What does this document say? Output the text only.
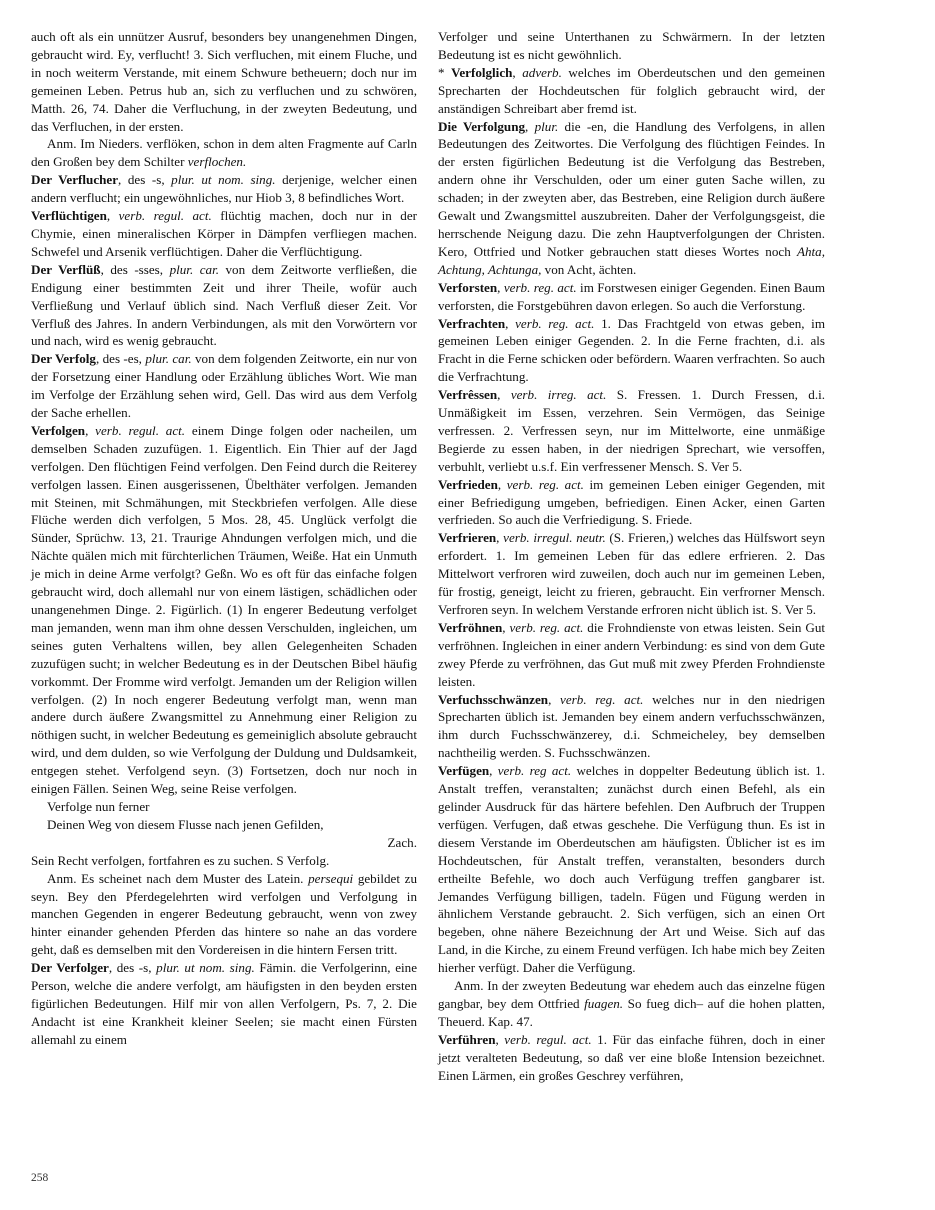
auch oft als ein unnützer Ausruf, besonders bey unangenehmen Dingen, gebraucht wird. Ey, verflucht! 3. Sich verfluchen, mit einem Fluche, und in noch weiterm Verstande, mit einem Schwure betheuern; doch nur im gemeinen Leben. Petrus hub an, sich zu verfluchen und zu schwören, Matth. 26, 74. Daher die Verfluchung, in der zweyten Bedeutung, und das Verfluchen, in der ersten.

Anm. Im Nieders. verflöken, schon in dem alten Fragmente auf Carln den Großen bey dem Schilter verflochen.

Der Verflucher, des -s, plur. ut nom. sing. derjenige, welcher einen andern verflucht; ein ungewöhnliches, nur Hiob 3, 8 befindliches Wort.

Verflüchtigen, verb. regul. act. flüchtig machen, doch nur in der Chymie, einen mineralischen Körper in Dämpfen verfliegen machen. Schwefel und Arsenik verflüchtigen. Daher die Verflüchtigung.

Der Verflüß, des -sses, plur. car. von dem Zeitworte verfließen, die Endigung einer bestimmten Zeit und ihrer Theile, wofür auch Verfließung und Verlauf üblich sind. Nach Verfluß dieser Zeit. Vor Verfluß des Jahres. In andern Verbindungen, als mit den Vorwörtern vor und nach, wird es wenig gebraucht.

Der Verfolg, des -es, plur. car. von dem folgenden Zeitworte, ein nur von der Forsetzung einer Handlung oder Erzählung übliches Wort. Wie man im Verfolge der Erzählung sehen wird, Gell. Das wird aus dem Verfolg der Sache erhellen.

Verfolgen, verb. regul. act. einem Dinge folgen oder nacheilen, um demselben Schaden zuzufügen. 1. Eigentlich. Ein Thier auf der Jagd verfolgen. Den flüchtigen Feind verfolgen. Den Feind durch die Reiterey verfolgen lassen. Einen ausgerissenen, Übelthäter verfolgen. Jemanden mit Steinen, mit Schmähungen, mit Steckbriefen verfolgen. Alle diese Flüche werden dich verfolgen, 5 Mos. 28, 45. Unglück verfolgt die Sünder, Sprüchw. 13, 21. Traurige Ahndungen verfolgen mich, und die Nächte quälen mich mit fürchterlichen Träumen, Weiße. Hat ein Unmuth je mich in deine Arme verfolgt? Geßn. Wo es oft für das einfache folgen gebraucht wird, doch allemahl nur von einem lästigen, schädlichen oder unangenehmen Dinge. 2. Figürlich. (1) In engerer Bedeutung verfolget man jemanden, wenn man ihm ohne dessen Verschulden, ingleichen, um seines guten Verhaltens willen, bey allen Gelegenheiten Schaden zuzufügen sucht; in welcher Bedeutung es in der Deutschen Bibel häufig vorkommt. Der Fromme wird verfolgt. Jemanden um der Religion willen verfolgen. (2) In noch engerer Bedeutung verfolgt man, wenn man andere durch äußere Zwangsmittel zu Annehmung einer Religion zu nöthigen sucht, in welcher Bedeutung es gemeiniglich absolute gebraucht wird, und dem dulden, so wie Verfolgung der Duldung und Duldsamkeit, entgegen stehet. Verfolgend seyn. (3) Fortsetzen, doch nur noch in einigen Fällen. Seinen Weg, seine Reise verfolgen.

Verfolge nun ferner

Deinen Weg von diesem Flusse nach jenen Gefilden,

Zach.

Sein Recht verfolgen, fortfahren es zu suchen. S Verfolg.

Anm. Es scheinet nach dem Muster des Latein. persequi gebildet zu seyn. Bey den Pferdegelehrten wird verfolgen und Verfolgung in manchen Gegenden in engerer Bedeutung gebraucht, wenn von zwey hinter einander gehenden Pferden das hintere so nahe an das vordere geht, daß es demselben mit den Vordereisen in die hintern Fersen tritt.

Der Verfolger, des -s, plur. ut nom. sing. Fämin. die Verfolgerinn, eine Person, welche die andere verfolgt, am häufigsten in den beyden ersten figürlichen Bedeutungen. Hilf mir von allen Verfolgern, Ps. 7, 2. Die Andacht ist eine Krankheit kleiner Seelen; sie macht einen Fürsten allemahl zu einem

Verfolger und seine Unterthanen zu Schwärmern. In der letzten Bedeutung ist es nicht gewöhnlich.

* Verfolglich, adverb. welches im Oberdeutschen und den gemeinen Sprecharten der Hochdeutschen für folglich gebraucht wird, der anständigen Schreibart aber fremd ist.

Die Verfolgung, plur. die -en, die Handlung des Verfolgens, in allen Bedeutungen des Zeitwortes. Die Verfolgung des flüchtigen Feindes. In der ersten figürlichen Bedeutung ist die Verfolgung das Bestreben, andern ohne ihr Verschulden, oder um einer guten Sache willen, zu schaden; in der zweyten aber, das Bestreben, eine Religion durch äußere Gewalt und Zwangsmittel auszubreiten. Daher der Verfolgungsgeist, die herrschende Neigung dazu. Die zehn Hauptverfolgungen der Christen. Kero, Ottfried und Notker gebrauchen statt dieses Wortes noch Ahta, Achtung, Achtunga, von Acht, ächten.

Verforsten, verb. reg. act. im Forstwesen einiger Gegenden. Einen Baum verforsten, die Forstgebühren davon erlegen. So auch die Verforstung.

Verfrachten, verb. reg. act. 1. Das Frachtgeld von etwas geben, im gemeinen Leben einiger Gegenden. 2. In die Ferne frachten, d.i. als Fracht in die Ferne schicken oder befördern. Waaren verfrachten. So auch die Verfrachtung.

Verfrêssen, verb. irreg. act. S. Fressen. 1. Durch Fressen, d.i. Unmäßigkeit im Essen, verzehren. Sein Vermögen, das Seinige verfressen. 2. Verfressen seyn, nur im Mittelworte, eine unmäßige Begierde zu essen haben, in der niedrigen Sprechart, wie versoffen, verbuhlt, verliebt u.s.f. Ein verfressener Mensch. S. Ver 5.

Verfrieden, verb. reg. act. im gemeinen Leben einiger Gegenden, mit einer Befriedigung umgeben, befriedigen. Einen Acker, einen Garten verfrieden. So auch die Verfriedigung. S. Friede.

Verfrieren, verb. irregul. neutr. (S. Frieren,) welches das Hülfswort seyn erfordert. 1. Im gemeinen Leben für das edlere erfrieren. 2. Das Mittelwort verfroren wird zuweilen, doch auch nur im gemeinen Leben, für frostig, geneigt, leicht zu frieren, gebraucht. Ein verfrorner Mensch. Verfroren seyn. In welchem Verstande erfroren nicht üblich ist. S. Ver 5.

Verfröhnen, verb. reg. act. die Frohndienste von etwas leisten. Sein Gut verfröhnen. Ingleichen in einer andern Verbindung: es sind von dem Gute zwey Pferde zu verfröhnen, das Gut muß mit zwey Pferden Frohndienste leisten.

Verfuchsschwänzen, verb. reg. act. welches nur in den niedrigen Sprecharten üblich ist. Jemanden bey einem andern verfuchsschwänzen, ihm durch Fuchsschwänzerey, d.i. Schmeicheley, bey demselben nachtheilig werden. S. Fuchsschwänzen.

Verfügen, verb. reg act. welches in doppelter Bedeutung üblich ist. 1. Anstalt treffen, veranstalten; zunächst durch einen Befehl, als ein gelinder Ausdruck für das härtere befehlen. Den Aufbruch der Truppen verfügen. Verfugen, daß etwas geschehe. Die Verfügung thun. Es ist in diesem Verstande im Oberdeutschen am häufigsten. Üblicher ist es im Hochdeutschen, für Anstalt treffen, veranstalten, besonders durch ertheilte Befehle, wo doch auch Verfügung treffen gangbarer ist. Jemandes Verfügung billigen, tadeln. Fügen und Fügung werden in ähnlichem Verstande gebraucht. 2. Sich verfügen, sich an einen Ort begeben, ohne nähere Bezeichnung der Art und Weise. Sich auf das Land, in die Kirche, zu einem Freund verfügen. Ich habe mich bey Zeiten hierher verfügt. Daher die Verfügung.

Anm. In der zweyten Bedeutung war ehedem auch das einzelne fügen gangbar, bey dem Ottfried fuagen. So fueg dich– auf die hohen platten, Theuerd. Kap. 47.

Verführen, verb. regul. act. 1. Für das einfache führen, doch in einer jetzt veralteten Bedeutung, so daß ver eine bloße Intension bezeichnet. Einen Lärmen, ein großes Geschrey verführen,

258
